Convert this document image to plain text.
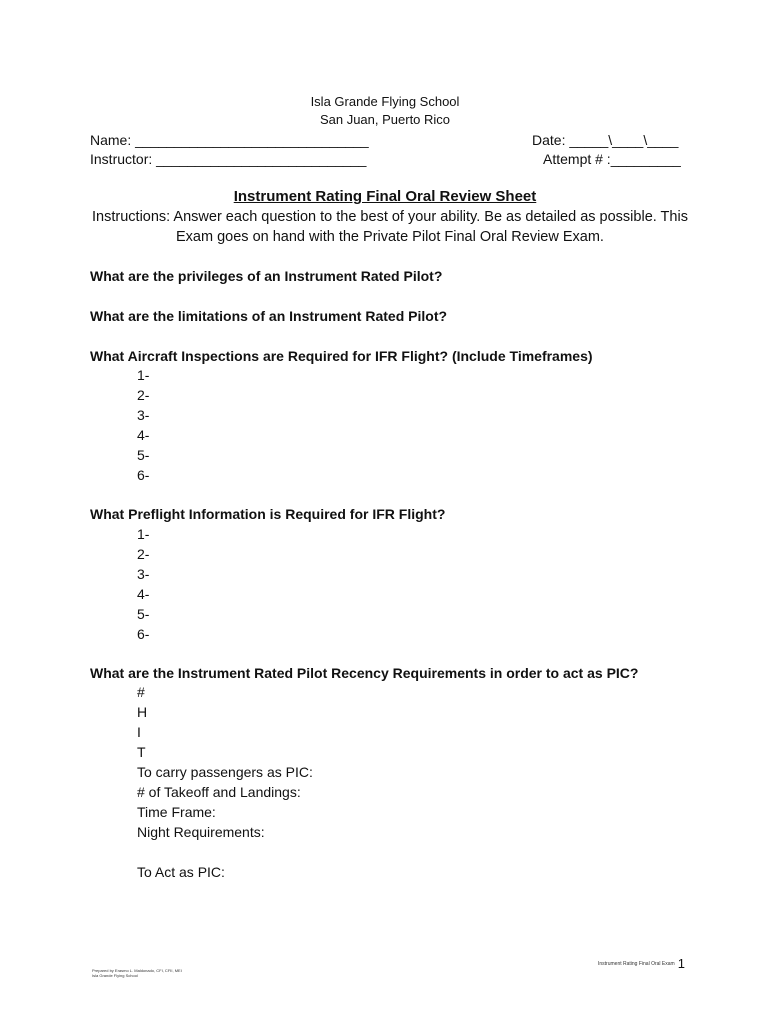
Isla Grande Flying School
San Juan, Puerto Rico
Name: ______________________________
Instructor: ___________________________
Date: _____\____\____
Attempt # :_________
Instrument Rating Final Oral Review Sheet
Instructions: Answer each question to the best of your ability. Be as detailed as possible. This Exam goes on hand with the Private Pilot Final Oral Review Exam.
What are the privileges of an Instrument Rated Pilot?
What are the limitations of an Instrument Rated Pilot?
What Aircraft Inspections are Required for IFR Flight? (Include Timeframes)
1-
2-
3-
4-
5-
6-
What Preflight Information is Required for IFR Flight?
1-
2-
3-
4-
5-
6-
What are the Instrument Rated Pilot Recency Requirements in order to act as PIC?
#
H
I
T
To carry passengers as PIC:
# of Takeoff and Landings:
Time Frame:
Night Requirements:
To Act as PIC:
Prepared by Erasmo L. Maldonado, CFI, CFII, MEI
Isla Grande Flying School
Instrument Rating Final Oral Exam 1
